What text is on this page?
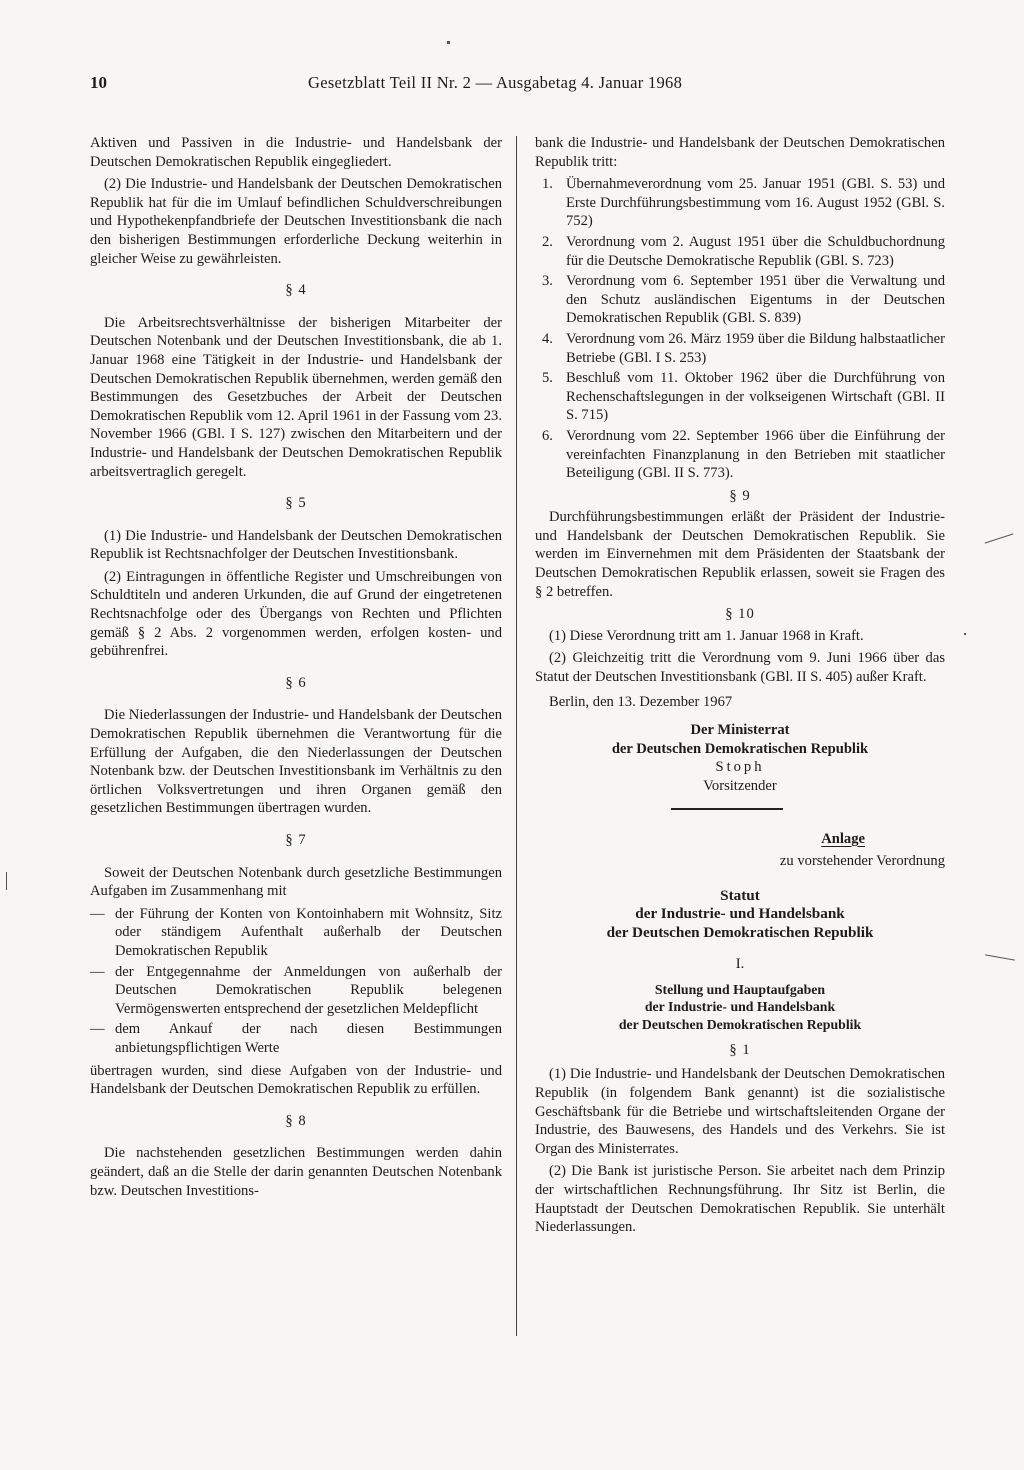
10	Gesetzblatt Teil II Nr. 2 — Ausgabetag 4. Januar 1968

Aktiven und Passiven in die Industrie- und Handelsbank der Deutschen Demokratischen Republik eingegliedert.

(2) Die Industrie- und Handelsbank der Deutschen Demokratischen Republik hat für die im Umlauf befindlichen Schuldverschreibungen und Hypothekenpfandbriefe der Deutschen Investitionsbank die nach den bisherigen Bestimmungen erforderliche Deckung weiterhin in gleicher Weise zu gewährleisten.

§ 4

Die Arbeitsrechtsverhältnisse der bisherigen Mitarbeiter der Deutschen Notenbank und der Deutschen Investitionsbank, die ab 1. Januar 1968 eine Tätigkeit in der Industrie- und Handelsbank der Deutschen Demokratischen Republik übernehmen, werden gemäß den Bestimmungen des Gesetzbuches der Arbeit der Deutschen Demokratischen Republik vom 12. April 1961 in der Fassung vom 23. November 1966 (GBl. I S. 127) zwischen den Mitarbeitern und der Industrie- und Handelsbank der Deutschen Demokratischen Republik arbeitsvertraglich geregelt.

§ 5

(1) Die Industrie- und Handelsbank der Deutschen Demokratischen Republik ist Rechtsnachfolger der Deutschen Investitionsbank.

(2) Eintragungen in öffentliche Register und Umschreibungen von Schuldtiteln und anderen Urkunden, die auf Grund der eingetretenen Rechtsnachfolge oder des Übergangs von Rechten und Pflichten gemäß § 2 Abs. 2 vorgenommen werden, erfolgen kosten- und gebührenfrei.

§ 6

Die Niederlassungen der Industrie- und Handelsbank der Deutschen Demokratischen Republik übernehmen die Verantwortung für die Erfüllung der Aufgaben, die den Niederlassungen der Deutschen Notenbank bzw. der Deutschen Investitionsbank im Verhältnis zu den örtlichen Volksvertretungen und ihren Organen gemäß den gesetzlichen Bestimmungen übertragen wurden.

§ 7

Soweit der Deutschen Notenbank durch gesetzliche Bestimmungen Aufgaben im Zusammenhang mit

— der Führung der Konten von Kontoinhabern mit Wohnsitz, Sitz oder ständigem Aufenthalt außerhalb der Deutschen Demokratischen Republik
— der Entgegennahme der Anmeldungen von außerhalb der Deutschen Demokratischen Republik belegenen Vermögenswerten entsprechend der gesetzlichen Meldepflicht
— dem Ankauf der nach diesen Bestimmungen anbietungspflichtigen Werte

übertragen wurden, sind diese Aufgaben von der Industrie- und Handelsbank der Deutschen Demokratischen Republik zu erfüllen.

§ 8

Die nachstehenden gesetzlichen Bestimmungen werden dahin geändert, daß an die Stelle der darin genannten Deutschen Notenbank bzw. Deutschen Investitions-

bank die Industrie- und Handelsbank der Deutschen Demokratischen Republik tritt:

1. Übernahmeverordnung vom 25. Januar 1951 (GBl. S. 53) und Erste Durchführungsbestimmung vom 16. August 1952 (GBl. S. 752)
2. Verordnung vom 2. August 1951 über die Schuldbuchordnung für die Deutsche Demokratische Republik (GBl. S. 723)
3. Verordnung vom 6. September 1951 über die Verwaltung und den Schutz ausländischen Eigentums in der Deutschen Demokratischen Republik (GBl. S. 839)
4. Verordnung vom 26. März 1959 über die Bildung halbstaatlicher Betriebe (GBl. I S. 253)
5. Beschluß vom 11. Oktober 1962 über die Durchführung von Rechenschaftslegungen in der volkseigenen Wirtschaft (GBl. II S. 715)
6. Verordnung vom 22. September 1966 über die Einführung der vereinfachten Finanzplanung in den Betrieben mit staatlicher Beteiligung (GBl. II S. 773).
§ 9

Durchführungsbestimmungen erläßt der Präsident der Industrie- und Handelsbank der Deutschen Demokratischen Republik. Sie werden im Einvernehmen mit dem Präsidenten der Staatsbank der Deutschen Demokratischen Republik erlassen, soweit sie Fragen des § 2 betreffen.

§ 10

(1) Diese Verordnung tritt am 1. Januar 1968 in Kraft.

(2) Gleichzeitig tritt die Verordnung vom 9. Juni 1966 über das Statut der Deutschen Investitionsbank (GBl. II S. 405) außer Kraft.

Berlin, den 13. Dezember 1967

Der Ministerrat
der Deutschen Demokratischen Republik
Stoph
Vorsitzender
Anlage
zu vorstehender Verordnung
Statut
der Industrie- und Handelsbank
der Deutschen Demokratischen Republik
I.
Stellung und Hauptaufgaben
der Industrie- und Handelsbank
der Deutschen Demokratischen Republik
§ 1

(1) Die Industrie- und Handelsbank der Deutschen Demokratischen Republik (in folgendem Bank genannt) ist die sozialistische Geschäftsbank für die Betriebe und wirtschaftsleitenden Organe der Industrie, des Bauwesens, des Handels und des Verkehrs. Sie ist Organ des Ministerrates.

(2) Die Bank ist juristische Person. Sie arbeitet nach dem Prinzip der wirtschaftlichen Rechnungsführung. Ihr Sitz ist Berlin, die Hauptstadt der Deutschen Demokratischen Republik. Sie unterhält Niederlassungen.
